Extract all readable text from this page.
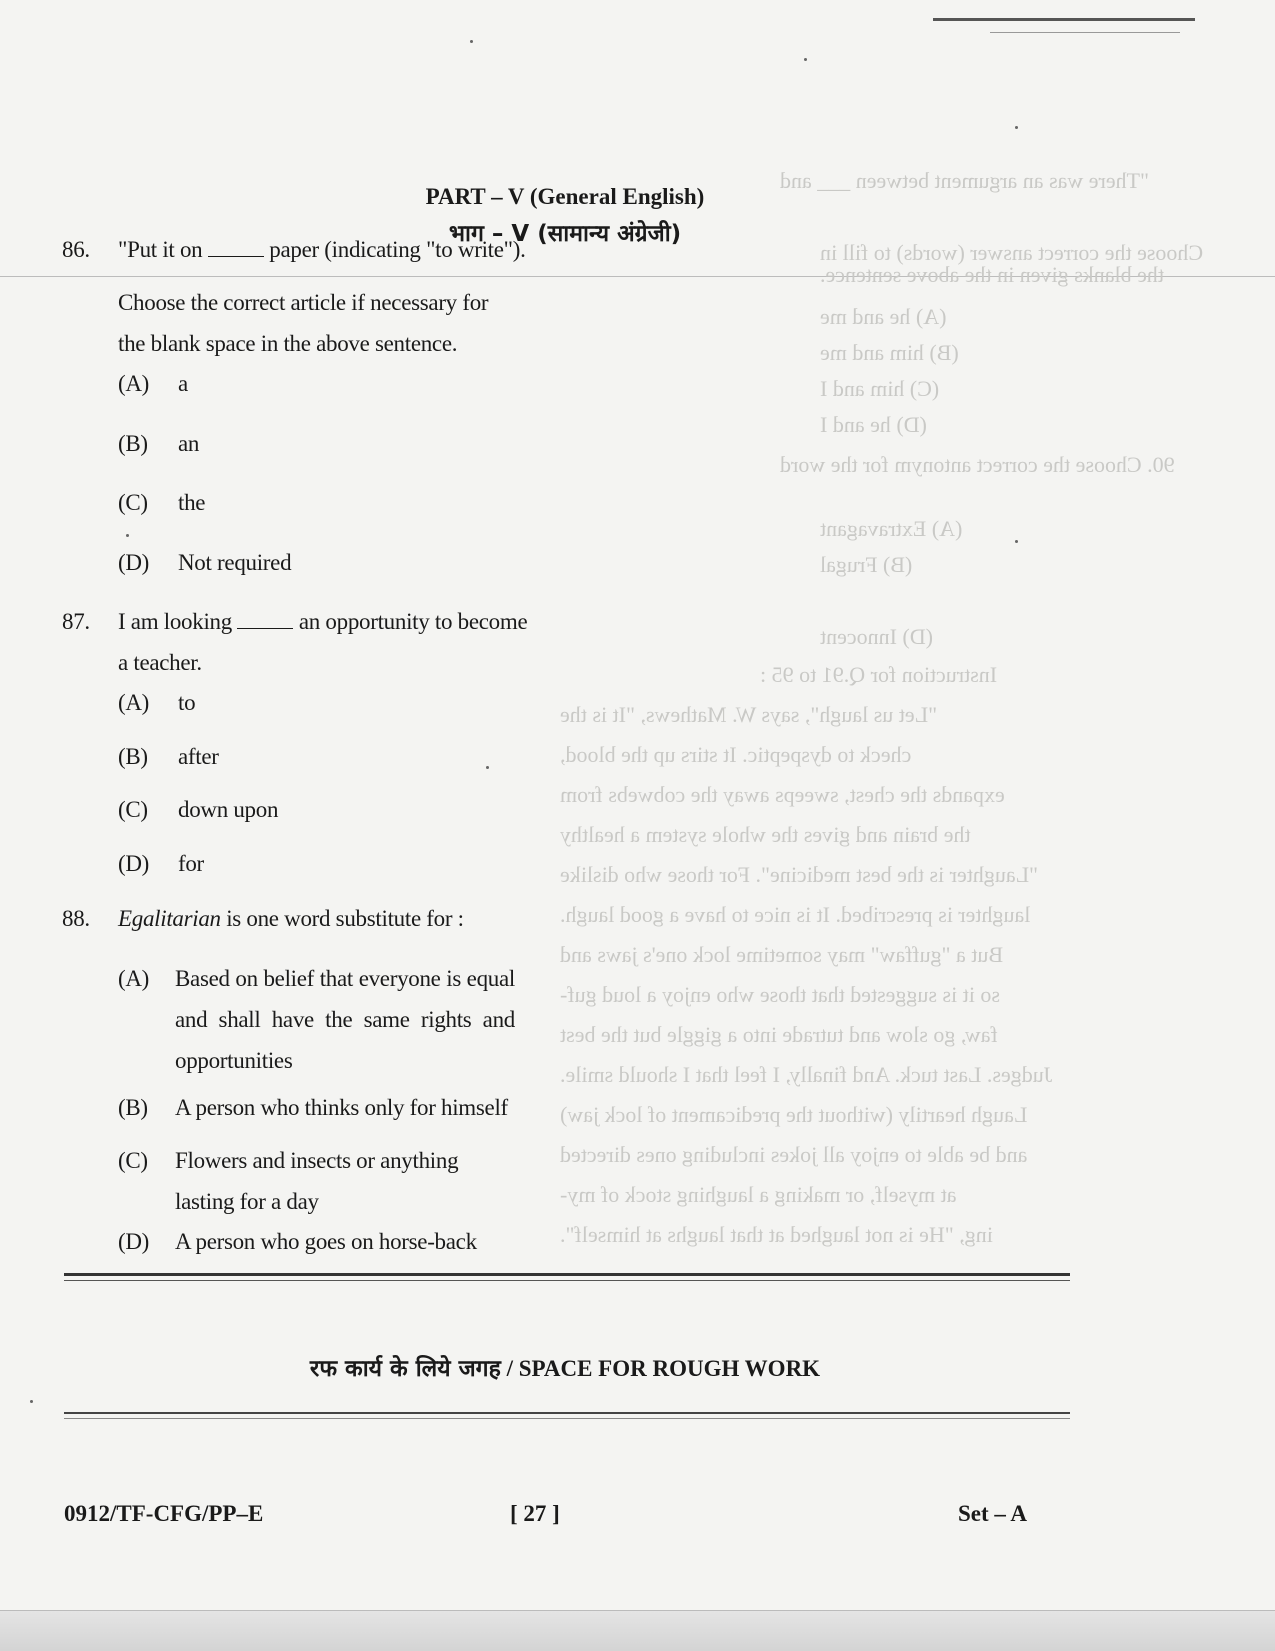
"There was an argument between ___ and
Choose the correct answer (words) to fill in
the blanks given in the above sentence.
(A) he and me
(B) him and me
(C) him and I
(D) he and I
90. Choose the correct antonym for the word
(A) Extravagant
(B) Frugal
(D) Innocent
Instruction for Q.91 to 95 :
"Let us laugh", says W. Mathews, "It is the
check to dyspeptic. It stirs up the blood,
expands the chest, sweeps away the cobwebs from
the brain and gives the whole system a healthy
"Laughter is the best medicine". For those who dislike
laughter is prescribed. It is nice to have a good laugh.
But a "guffaw" may sometime lock one's jaws and
so it is suggested that those who enjoy a loud guf-
faw, go slow and tutrade into a giggle but the best
Judges. Last tuck. And finally, I feel that I should smile.
Laugh heartily (without the predicament of lock jaw)
and be able to enjoy all jokes including ones directed
at myself, or making a laughing stock of my-
ing, "He is not laughed at that laughs at himself".
PART – V (General English)
भाग – V (सामान्य अंग्रेजी)
86. "Put it on	paper (indicating "to write").
Choose the correct article if necessary for the blank space in the above sentence.
(A) a
(B) an
(C) the
(D) Not required
87. I am looking	an opportunity to become
a teacher.
(A) to
(B) after
(C) down upon
(D) for
88. Egalitarian is one word substitute for :
(A) Based on belief that everyone is equal and shall have the same rights and opportunities
(B) A person who thinks only for himself
(C) Flowers and insects or anything lasting for a day
(D) A person who goes on horse-back
रफ कार्य के लिये जगह / SPACE FOR ROUGH WORK
0912/TF-CFG/PP–E	[ 27 ]	Set – A
